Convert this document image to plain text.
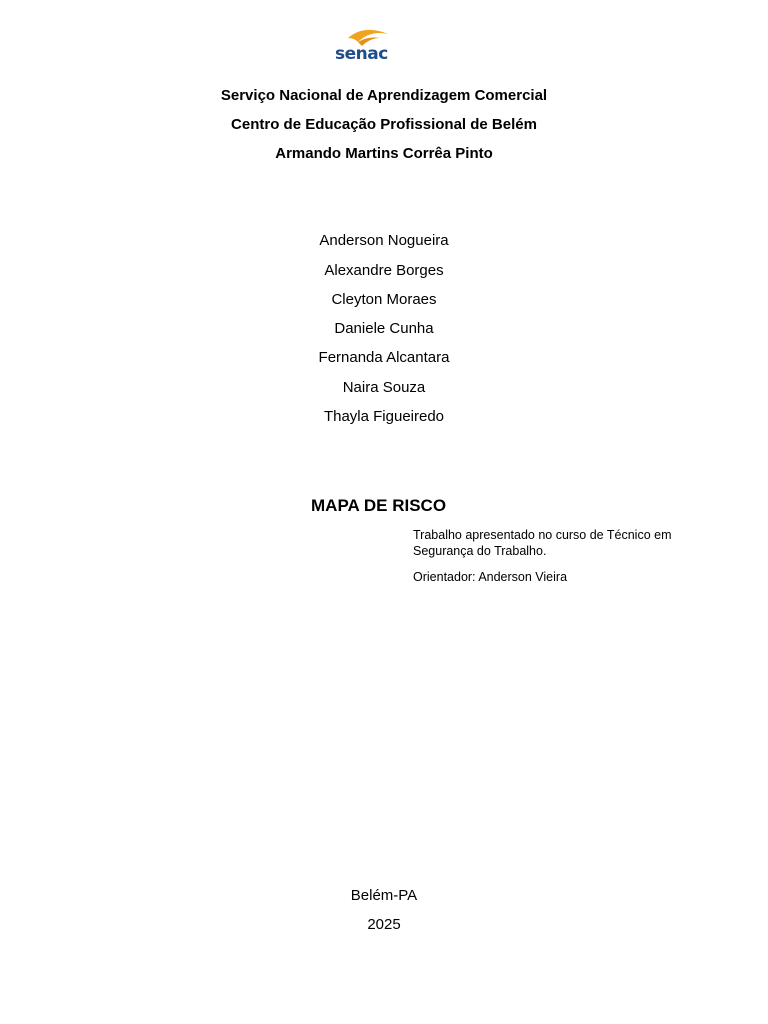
senac
Serviço Nacional de Aprendizagem Comercial
Centro de Educação Profissional de Belém
Armando Martins Corrêa Pinto
Anderson Nogueira
Alexandre Borges
Cleyton Moraes
Daniele Cunha
Fernanda Alcantara
Naira Souza
Thayla Figueiredo
MAPA DE RISCO
Trabalho apresentado no curso de Técnico em Segurança do Trabalho.
Orientador: Anderson Vieira
Belém-PA
2025
